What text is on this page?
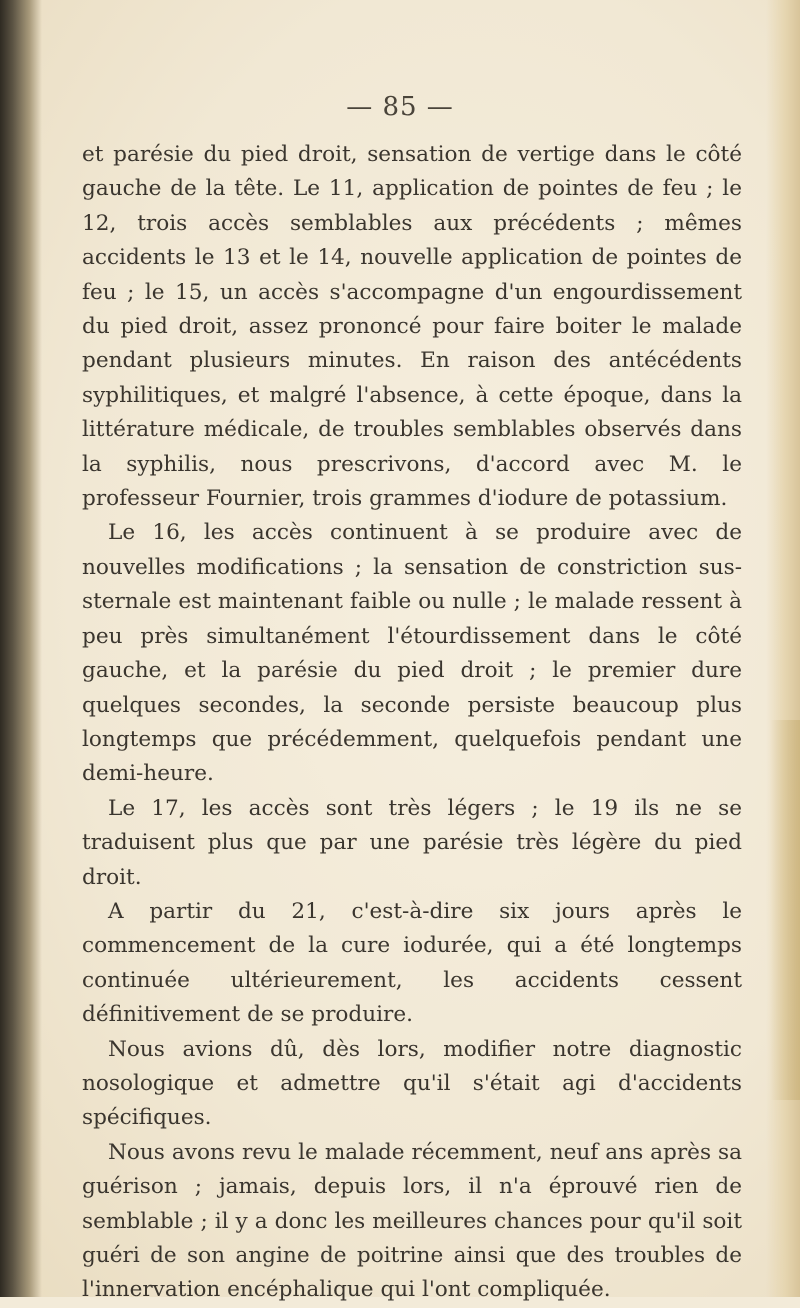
— 85 —

et parésie du pied droit, sensation de vertige dans le côté gauche de la tête. Le 11, application de pointes de feu ; le 12, trois accès semblables aux précédents ; mêmes accidents le 13 et le 14, nouvelle application de pointes de feu ; le 15, un accès s'accompagne d'un engourdissement du pied droit, assez prononcé pour faire boiter le malade pendant plusieurs minutes. En raison des antécédents syphilitiques, et malgré l'absence, à cette époque, dans la littérature médicale, de troubles semblables observés dans la syphilis, nous prescrivons, d'accord avec M. le professeur Fournier, trois grammes d'iodure de potassium.

Le 16, les accès continuent à se produire avec de nouvelles modifications ; la sensation de constriction sus-sternale est maintenant faible ou nulle ; le malade ressent à peu près simultanément l'étourdissement dans le côté gauche, et la parésie du pied droit ; le premier dure quelques secondes, la seconde persiste beaucoup plus longtemps que précédemment, quelquefois pendant une demi-heure.

Le 17, les accès sont très légers ; le 19 ils ne se traduisent plus que par une parésie très légère du pied droit.

A partir du 21, c'est-à-dire six jours après le commencement de la cure iodurée, qui a été longtemps continuée ultérieurement, les accidents cessent définitivement de se produire.

Nous avions dû, dès lors, modifier notre diagnostic nosologique et admettre qu'il s'était agi d'accidents spécifiques.

Nous avons revu le malade récemment, neuf ans après sa guérison ; jamais, depuis lors, il n'a éprouvé rien de semblable ; il y a donc les meilleures chances pour qu'il soit guéri de son angine de poitrine ainsi que des troubles de l'innervation encéphalique qui l'ont compliquée.
